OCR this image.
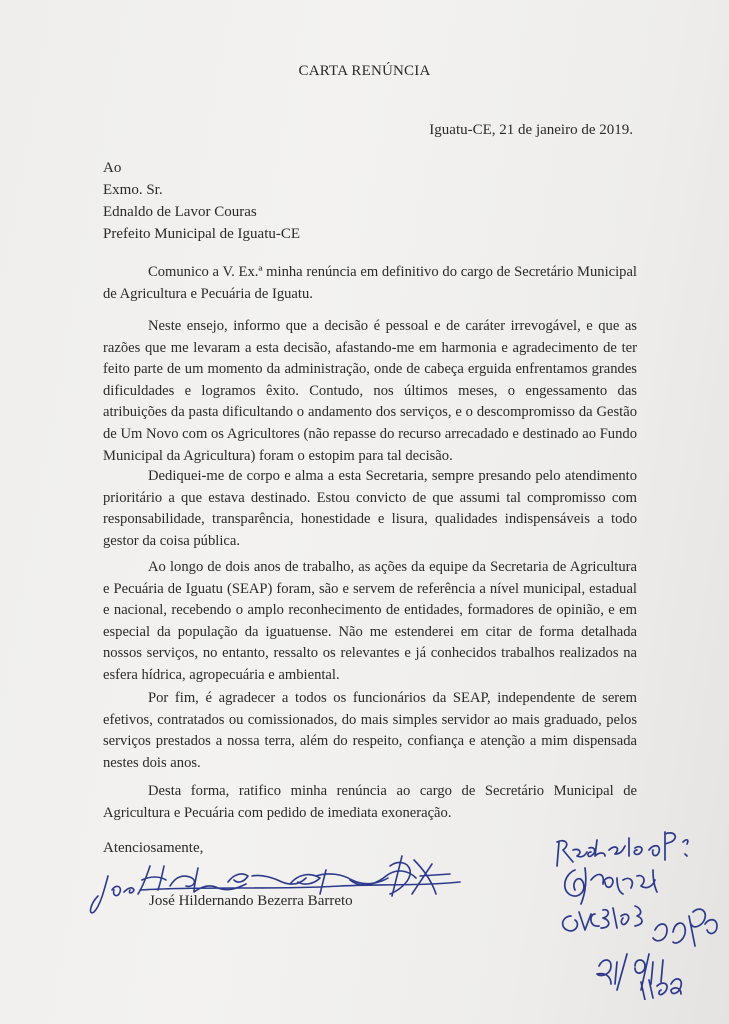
CARTA RENÚNCIA
Iguatu-CE, 21 de janeiro de 2019.
Ao
Exmo. Sr.
Ednaldo de Lavor Couras
Prefeito Municipal de Iguatu-CE

Comunico a V. Ex.ª minha renúncia em definitivo do cargo de Secretário Municipal de Agricultura e Pecuária de Iguatu.

Neste ensejo, informo que a decisão é pessoal e de caráter irrevogável, e que as razões que me levaram a esta decisão, afastando-me em harmonia e agradecimento de ter feito parte de um momento da administração, onde de cabeça erguida enfrentamos grandes dificuldades e logramos êxito. Contudo, nos últimos meses, o engessamento das atribuições da pasta dificultando o andamento dos serviços, e o descompromisso da Gestão de Um Novo com os Agricultores (não repasse do recurso arrecadado e destinado ao Fundo Municipal da Agricultura) foram o estopim para tal decisão.

Dediquei-me de corpo e alma a esta Secretaria, sempre presando pelo atendimento prioritário a que estava destinado. Estou convicto de que assumi tal compromisso com responsabilidade, transparência, honestidade e lisura, qualidades indispensáveis a todo gestor da coisa pública.

Ao longo de dois anos de trabalho, as ações da equipe da Secretaria de Agricultura e Pecuária de Iguatu (SEAP) foram, são e servem de referência a nível municipal, estadual e nacional, recebendo o amplo reconhecimento de entidades, formadores de opinião, e em especial da população da iguatuense. Não me estenderei em citar de forma detalhada nossos serviços, no entanto, ressalto os relevantes e já conhecidos trabalhos realizados na esfera hídrica, agropecuária e ambiental.

Por fim, é agradecer a todos os funcionários da SEAP, independente de serem efetivos, contratados ou comissionados, do mais simples servidor ao mais graduado, pelos serviços prestados a nossa terra, além do respeito, confiança e atenção a mim dispensada nestes dois anos.

Desta forma, ratifico minha renúncia ao cargo de Secretário Municipal de Agricultura e Pecuária com pedido de imediata exoneração.

Atenciosamente,
José Hildernando Bezerra Barreto
